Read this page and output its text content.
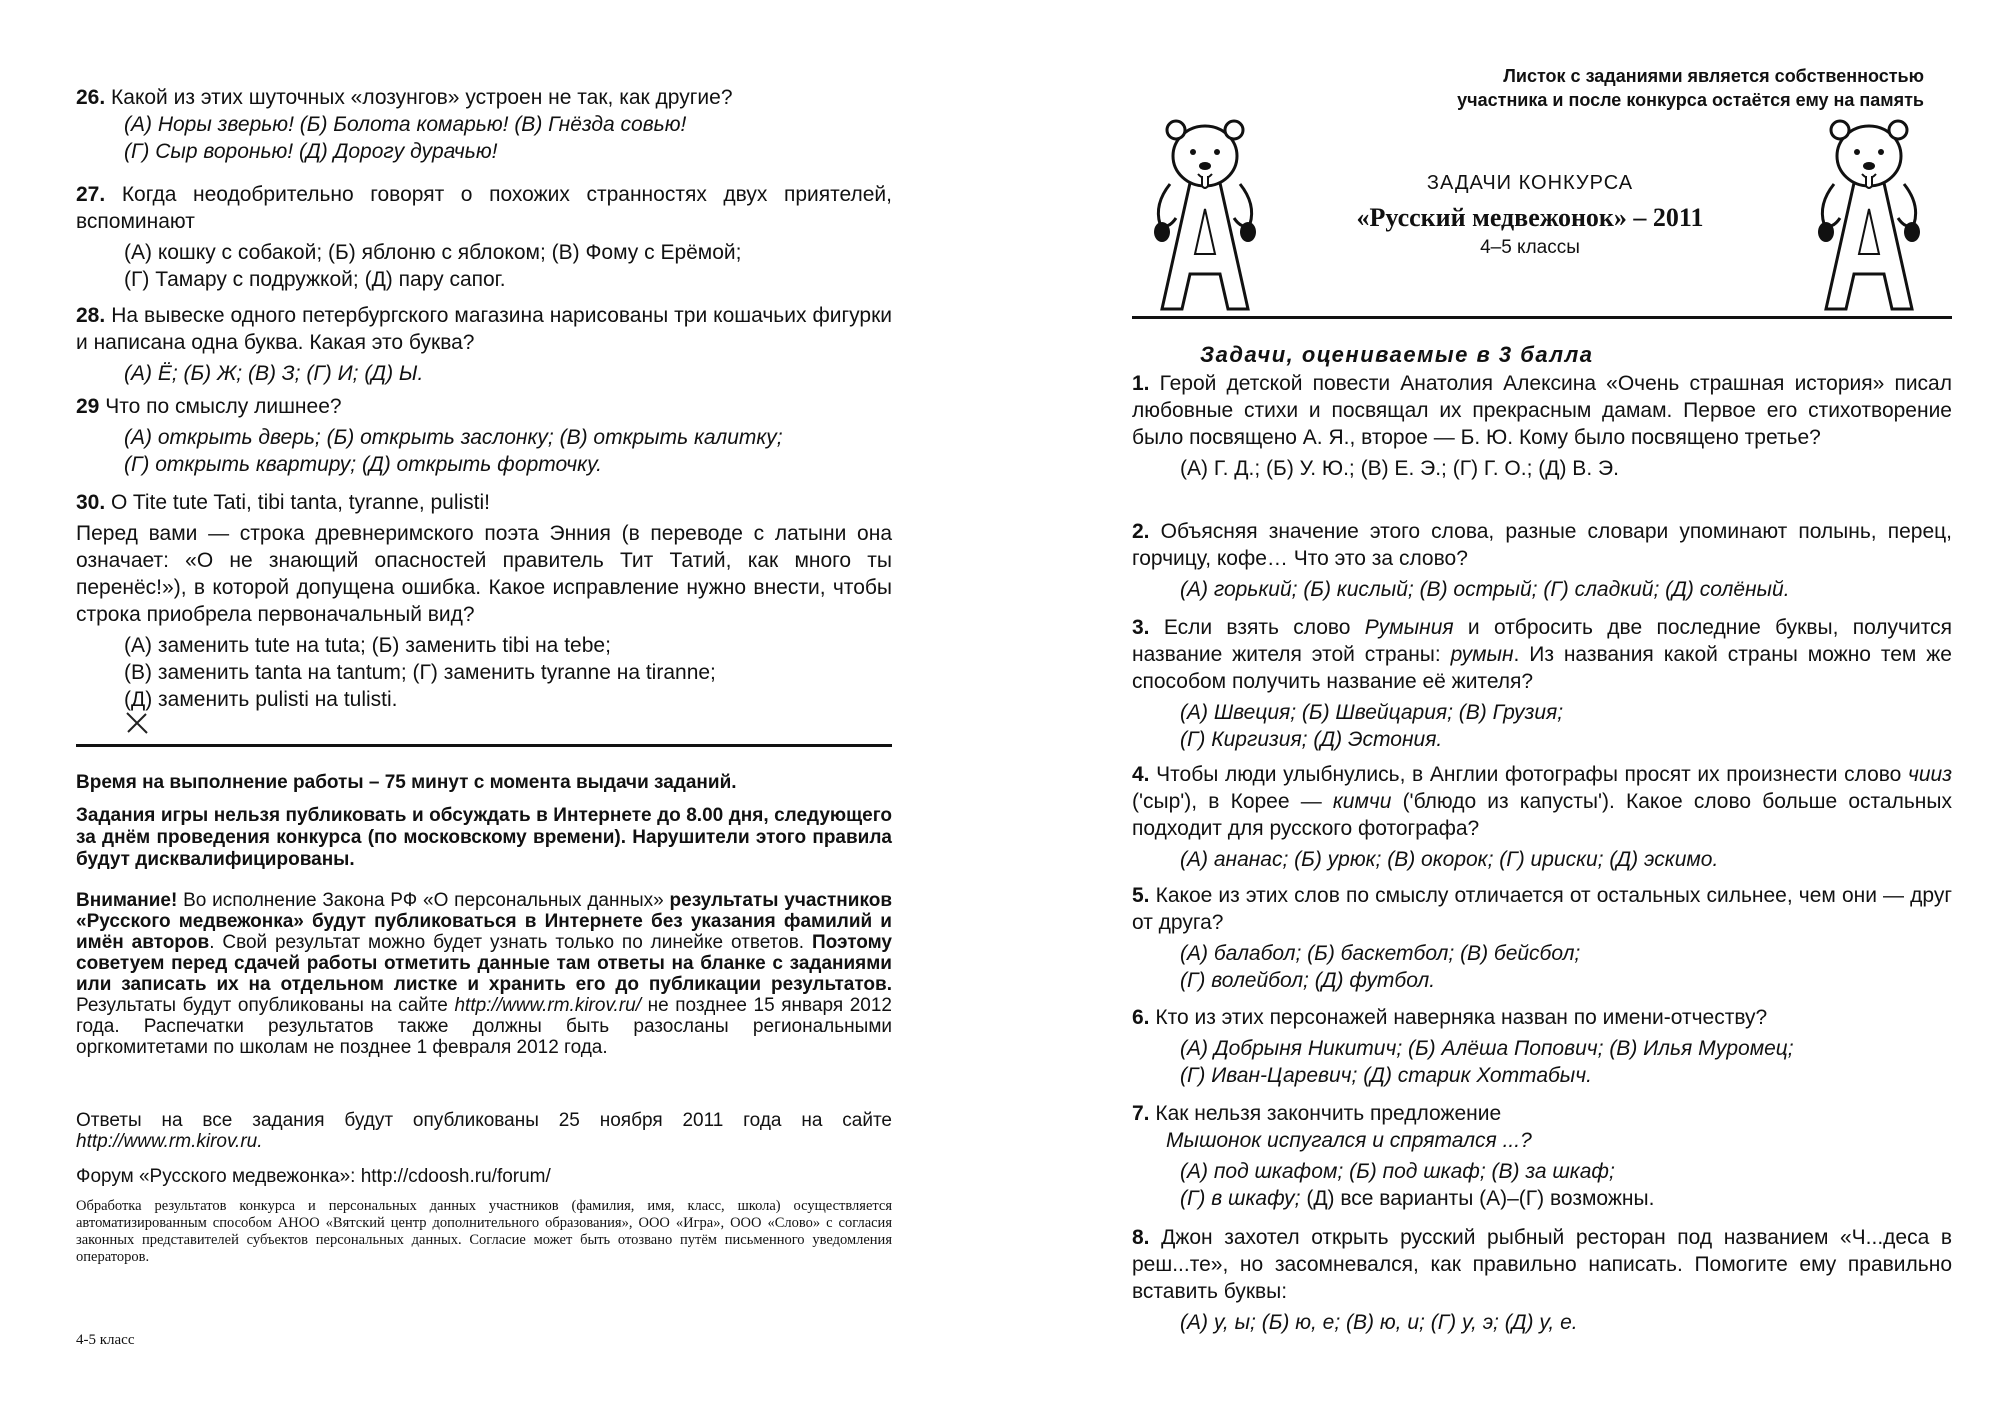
26. Какой из этих шуточных «лозунгов» устроен не так, как другие?
(А) Норы зверью! (Б) Болота комарью! (В) Гнёзда совью!
(Г) Сыр воронью! (Д) Дорогу дурачью!
27. Когда неодобрительно говорят о похожих странностях двух приятелей, вспоминают
(А) кошку с собакой; (Б) яблоню с яблоком; (В) Фому с Ерёмой;
(Г) Тамару с подружкой; (Д) пару сапог.
28. На вывеске одного петербургского магазина нарисованы три кошачьих фигурки и написана одна буква. Какая это буква?
(А) Ё; (Б) Ж; (В) З; (Г) И; (Д) Ы.
29 Что по смыслу лишнее?
(А) открыть дверь; (Б) открыть заслонку; (В) открыть калитку;
(Г) открыть квартиру; (Д) открыть форточку.
30. O Tite tute Tati, tibi tanta, tyranne, pulisti!
Перед вами — строка древнеримского поэта Энния (в переводе с латыни она означает: «О не знающий опасностей правитель Тит Татий, как много ты перенёс!»), в которой допущена ошибка. Какое исправление нужно внести, чтобы строка приобрела первоначальный вид?
(А) заменить tute на tuta; (Б) заменить tibi на tebe;
(В) заменить tanta на tantum; (Г) заменить tyranne на tiranne;
(Д) заменить pulisti на tulisti.
Время на выполнение работы – 75 минут с момента выдачи заданий.
Задания игры нельзя публиковать и обсуждать в Интернете до 8.00 дня, следующего за днём проведения конкурса (по московскому времени). Нарушители этого правила будут дисквалифицированы.
Внимание! Во исполнение Закона РФ «О персональных данных» результаты участников «Русского медвежонка» будут публиковаться в Интернете без указания фамилий и имён авторов. Свой результат можно будет узнать только по линейке ответов. Поэтому советуем перед сдачей работы отметить данные там ответы на бланке с заданиями или записать их на отдельном листке и хранить его до публикации результатов. Результаты будут опубликованы на сайте http://www.rm.kirov.ru/ не позднее 15 января 2012 года. Распечатки результатов также должны быть разосланы региональными оргкомитетами по школам не позднее 1 февраля 2012 года.
Ответы на все задания будут опубликованы 25 ноября 2011 года на сайте http://www.rm.kirov.ru.
Форум «Русского медвежонка»: http://cdoosh.ru/forum/
Обработка результатов конкурса и персональных данных участников (фамилия, имя, класс, школа) осуществляется автоматизированным способом АНОО «Вятский центр дополнительного образования», ООО «Игра», ООО «Слово» с согласия законных представителей субъектов персональных данных. Согласие может быть отозвано путём письменного уведомления операторов.
4-5 класс
Листок с заданиями является собственностью
участника и после конкурса остаётся ему на память
ЗАДАЧИ КОНКУРСА
«Русский медвежонок» – 2011
4–5 классы
Задачи, оцениваемые в 3 балла
1. Герой детской повести Анатолия Алексина «Очень страшная история» писал любовные стихи и посвящал их прекрасным дамам. Первое его стихотворение было посвящено А. Я., второе — Б. Ю. Кому было посвящено третье?
(А) Г. Д.; (Б) У. Ю.; (В) Е. Э.; (Г) Г. О.; (Д) В. Э.
2. Объясняя значение этого слова, разные словари упоминают полынь, перец, горчицу, кофе… Что это за слово?
(А) горький; (Б) кислый; (В) острый; (Г) сладкий; (Д) солёный.
3. Если взять слово Румыния и отбросить две последние буквы, получится название жителя этой страны: румын. Из названия какой страны можно тем же способом получить название её жителя?
(А) Швеция; (Б) Швейцария; (В) Грузия;
(Г) Киргизия; (Д) Эстония.
4. Чтобы люди улыбнулись, в Англии фотографы просят их произнести слово чииз ('сыр'), в Корее — кимчи ('блюдо из капусты'). Какое слово больше остальных подходит для русского фотографа?
(А) ананас; (Б) урюк; (В) окорок; (Г) ириски; (Д) эскимо.
5. Какое из этих слов по смыслу отличается от остальных сильнее, чем они — друг от друга?
(А) балабол; (Б) баскетбол; (В) бейсбол;
(Г) волейбол; (Д) футбол.
6. Кто из этих персонажей наверняка назван по имени-отчеству?
(А) Добрыня Никитич; (Б) Алёша Попович; (В) Илья Муромец;
(Г) Иван-Царевич; (Д) старик Хоттабыч.
7. Как нельзя закончить предложение
Мышонок испугался и спрятался ...?
(А) под шкафом; (Б) под шкаф; (В) за шкаф;
(Г) в шкафу; (Д) все варианты (А)–(Г) возможны.
8. Джон захотел открыть русский рыбный ресторан под названием «Ч...деса в реш...те», но засомневался, как правильно написать. Помогите ему правильно вставить буквы:
(А) у, ы; (Б) ю, е; (В) ю, и; (Г) у, э; (Д) у, е.
